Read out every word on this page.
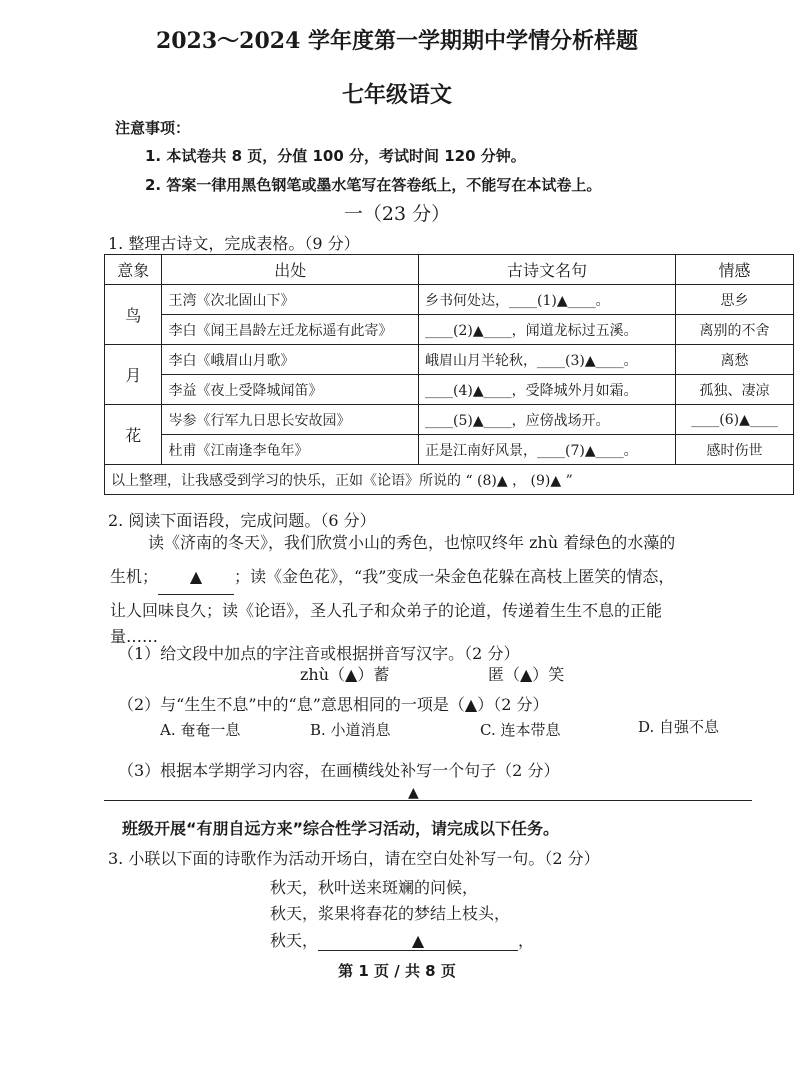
2023～2024 学年度第一学期期中学情分析样题
七年级语文
注意事项：
1. 本试卷共 8 页，分值 100 分，考试时间 120 分钟。
2. 答案一律用黑色钢笔或墨水笔写在答卷纸上，不能写在本试卷上。
一（23 分）
1. 整理古诗文，完成表格。（9 分）
意象	出处	古诗文名句	情感
鸟	王湾《次北固山下》	乡书何处达，____(1)▲____。	思乡
	李白《闻王昌龄左迁龙标遥有此寄》	____(2)▲____，闻道龙标过五溪。	离别的不舍
月	李白《峨眉山月歌》	峨眉山月半轮秋，____(3)▲____。	离愁
	李益《夜上受降城闻笛》	____(4)▲____，受降城外月如霜。	孤独、凄凉
花	岑参《行军九日思长安故园》	____(5)▲____，应傍战场开。	____(6)▲____
	杜甫《江南逢李龟年》	正是江南好风景，____(7)▲____。	感时伤世
以上整理，让我感受到学习的快乐，正如《论语》所说的 “ (8)▲ ， (9)▲ ”			
2. 阅读下面语段，完成问题。（6 分）
读《济南的冬天》，我们欣赏小山的秀色，也惊叹终年 zhù 着绿色的水藻的
生机； ▲ ；读《金色花》，“我”变成一朵金色花躲在高枝上匿笑的情态，
让人回味良久；读《论语》，圣人孔子和众弟子的论道，传递着生生不息的正能
量……
（1）给文段中加点的字注音或根据拼音写汉字。（2 分）
zhù（▲）蓄	匿（▲）笑
（2）与“生生不息”中的“息”意思相同的一项是（▲）（2 分）
A. 奄奄一息	B. 小道消息	C. 连本带息	D. 自强不息
（3）根据本学期学习内容，在画横线处补写一个句子（2 分）
▲
班级开展“有朋自远方来”综合性学习活动，请完成以下任务。
3. 小联以下面的诗歌作为活动开场白，请在空白处补写一句。（2 分）
秋天，秋叶送来斑斓的问候，
秋天，浆果将春花的梦结上枝头，
秋天，	▲	，
第 1 页 / 共 8 页
